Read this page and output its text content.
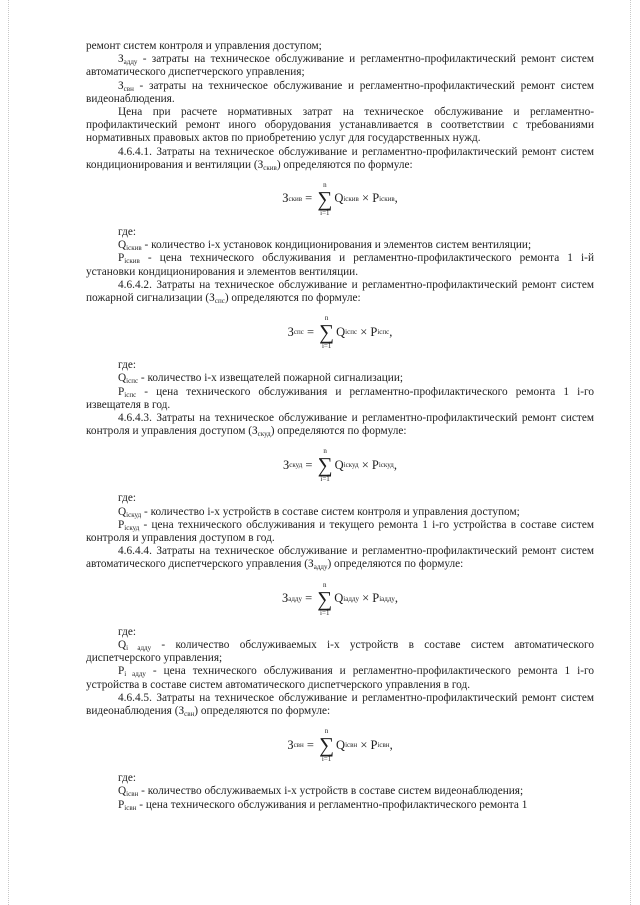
ремонт систем контроля и управления доступом;

$З_{адду}$ - затраты на техническое обслуживание и регламентно-профилактический ремонт систем автоматического диспетчерского управления;

$З_{свн}$ - затраты на техническое обслуживание и регламентно-профилактический ремонт систем видеонаблюдения.

Цена при расчете нормативных затрат на техническое обслуживание и регламентно-профилактический ремонт иного оборудования устанавливается в соответствии с требованиями нормативных правовых актов по приобретению услуг для государственных нужд.

4.6.4.1. Затраты на техническое обслуживание и регламентно-профилактический ремонт систем кондиционирования и вентиляции $(З_{скив})$ определяются по формуле:

З скив =
n
∑
i=1
Q iскив
×
P iскив ,

где:

$Q_{iскив}$ - количество i-х установок кондиционирования и элементов систем вентиляции;

$P_{iскив}$ - цена технического обслуживания и регламентно-профилактического ремонта 1 i-й установки кондиционирования и элементов вентиляции.

4.6.4.2. Затраты на техническое обслуживание и регламентно-профилактический ремонт систем пожарной сигнализации $(З_{спс})$ определяются по формуле:

З спс =
n
∑
i=1
Q iспс
×
P iспс ,

где:

$Q_{iспс}$ - количество i-х извещателей пожарной сигнализации;

$P_{iспс}$ - цена технического обслуживания и регламентно-профилактического ремонта 1 i-го извещателя в год.

4.6.4.3. Затраты на техническое обслуживание и регламентно-профилактический ремонт систем контроля и управления доступом $(З_{скуд})$ определяются по формуле:

З скуд =
n
∑
i=1
Q iскуд
×
P iскуд ,

где:

$Q_{iскуд}$ - количество i-х устройств в составе систем контроля и управления доступом;

$P_{iскуд}$ - цена технического обслуживания и текущего ремонта 1 i-го устройства в составе систем контроля и управления доступом в год.

4.6.4.4. Затраты на техническое обслуживание и регламентно-профилактический ремонт систем автоматического диспетчерского управления $(З_{адду})$ определяются по формуле:

З адду =
n
∑
i=1
Q iадду
×
P iадду ,

где:

$Q_{i адду}$ - количество обслуживаемых i-х устройств в составе систем автоматического диспетчерского управления;

$P_{i адду}$ - цена технического обслуживания и регламентно-профилактического ремонта 1 i-го устройства в составе систем автоматического диспетчерского управления в год.

4.6.4.5. Затраты на техническое обслуживание и регламентно-профилактический ремонт систем видеонаблюдения $(З_{свн})$ определяются по формуле:

З свн =
n
∑
i=1
Q iсвн
×
P iсвн ,

где:

$Q_{iсвн}$ - количество обслуживаемых i-х устройств в составе систем видеонаблюдения;

$P_{iсвн}$ - цена технического обслуживания и регламентно-профилактического ремонта 1
